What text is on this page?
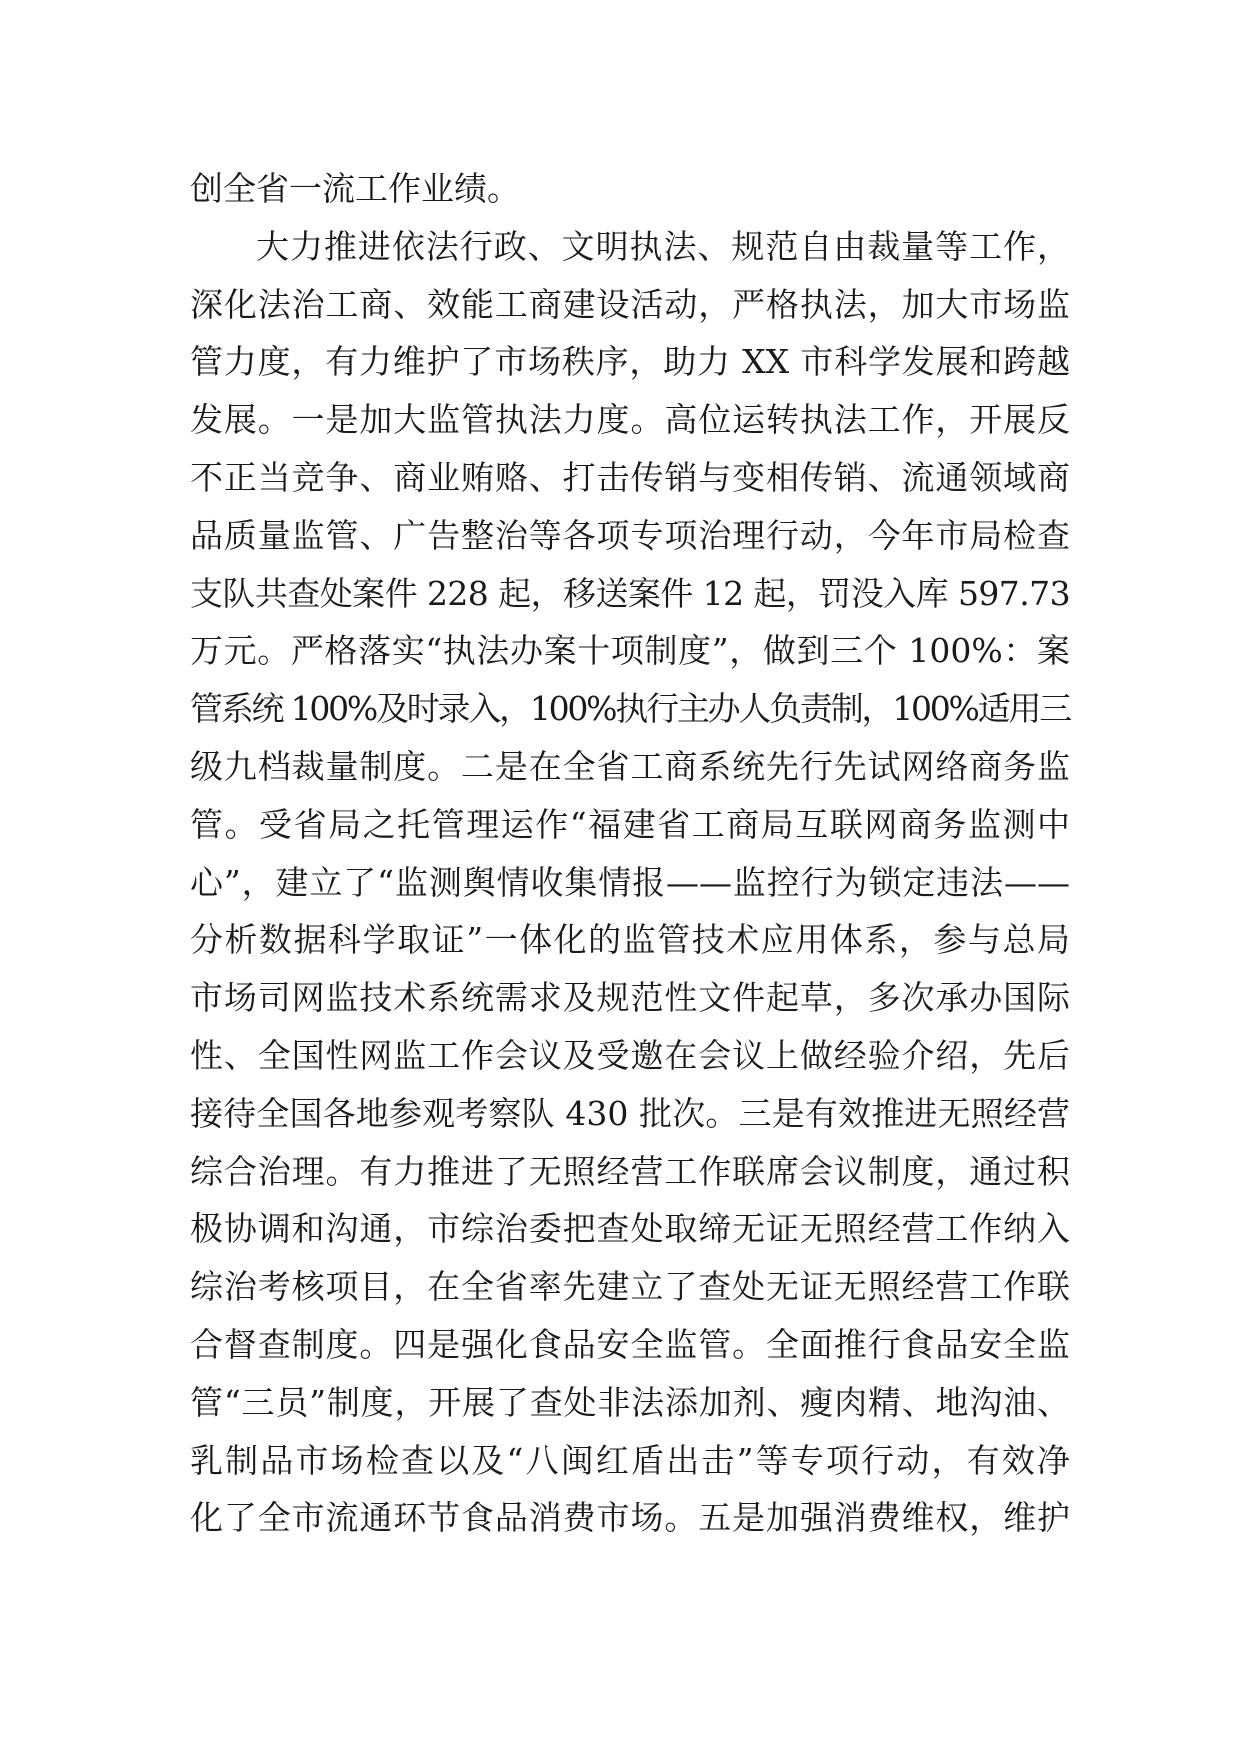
创全省一流工作业绩。
大力推进依法行政、文明执法、规范自由裁量等工作，
深化法治工商、效能工商建设活动，严格执法，加大市场监
管力度，有力维护了市场秩序，助力 XX 市科学发展和跨越
发展。一是加大监管执法力度。高位运转执法工作，开展反
不正当竞争、商业贿赂、打击传销与变相传销、流通领域商
品质量监管、广告整治等各项专项治理行动，今年市局检查
支队共查处案件 228 起，移送案件 12 起，罚没入库 597.73
万元。严格落实“执法办案十项制度”，做到三个 100%：案
管系统 100%及时录入，100%执行主办人负责制，100%适用三
级九档裁量制度。二是在全省工商系统先行先试网络商务监
管。受省局之托管理运作“福建省工商局互联网商务监测中
心”，建立了“监测舆情收集情报——监控行为锁定违法——
分析数据科学取证”一体化的监管技术应用体系，参与总局
市场司网监技术系统需求及规范性文件起草，多次承办国际
性、全国性网监工作会议及受邀在会议上做经验介绍，先后
接待全国各地参观考察队 430 批次。三是有效推进无照经营
综合治理。有力推进了无照经营工作联席会议制度，通过积
极协调和沟通，市综治委把查处取缔无证无照经营工作纳入
综治考核项目，在全省率先建立了查处无证无照经营工作联
合督查制度。四是强化食品安全监管。全面推行食品安全监
管“三员”制度，开展了查处非法添加剂、瘦肉精、地沟油、
乳制品市场检查以及“八闽红盾出击”等专项行动，有效净
化了全市流通环节食品消费市场。五是加强消费维权，维护
